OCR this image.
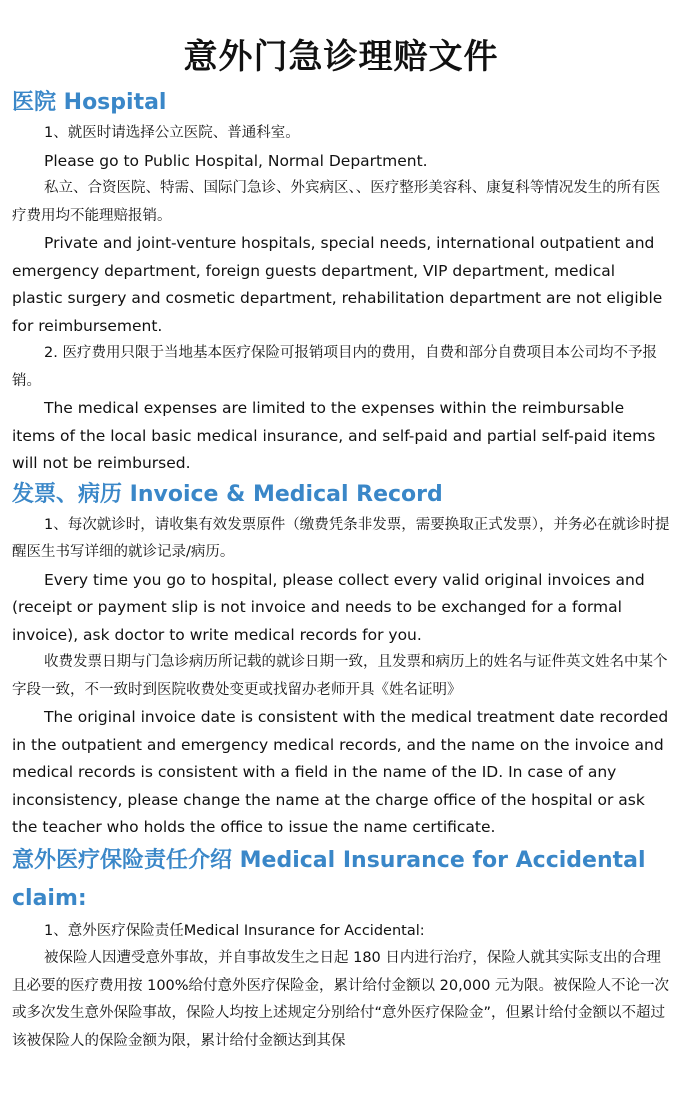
意外门急诊理赔文件
医院 Hospital

1、就医时请选择公立医院、普通科室。

Please go to Public Hospital, Normal Department.

私立、合资医院、特需、国际门急诊、外宾病区、、医疗整形美容科、康复科等情况发生的所有医疗费用均不能理赔报销。

Private and joint-venture hospitals, special needs, international outpatient and emergency department, foreign guests department, VIP department, medical plastic surgery and cosmetic department, rehabilitation department are not eligible for reimbursement.

2. 医疗费用只限于当地基本医疗保险可报销项目内的费用，自费和部分自费项目本公司均不予报销。

The medical expenses are limited to the expenses within the reimbursable items of the local basic medical insurance, and self-paid and partial self-paid items will not be reimbursed.

发票、病历 Invoice & Medical Record

1、每次就诊时，请收集有效发票原件（缴费凭条非发票，需要换取正式发票），并务必在就诊时提醒医生书写详细的就诊记录/病历。

Every time you go to hospital, please collect every valid original invoices and (receipt or payment slip is not invoice and needs to be exchanged for a formal invoice), ask doctor to write medical records for you.

收费发票日期与门急诊病历所记载的就诊日期一致，且发票和病历上的姓名与证件英文姓名中某个字段一致，不一致时到医院收费处变更或找留办老师开具《姓名证明》

The original invoice date is consistent with the medical treatment date recorded in the outpatient and emergency medical records, and the name on the invoice and medical records is consistent with a field in the name of the ID. In case of any inconsistency, please change the name at the charge office of the hospital or ask the teacher who holds the office to issue the name certificate.

意外医疗保险责任介绍 Medical Insurance for Accidental claim:

1、意外医疗保险责任Medical Insurance for Accidental:

被保险人因遭受意外事故，并自事故发生之日起 180 日内进行治疗，保险人就其实际支出的合理且必要的医疗费用按 100%给付意外医疗保险金，累计给付金额以 20,000 元为限。被保险人不论一次或多次发生意外保险事故，保险人均按上述规定分别给付“意外医疗保险金”，但累计给付金额以不超过该被保险人的保险金额为限，累计给付金额达到其保
